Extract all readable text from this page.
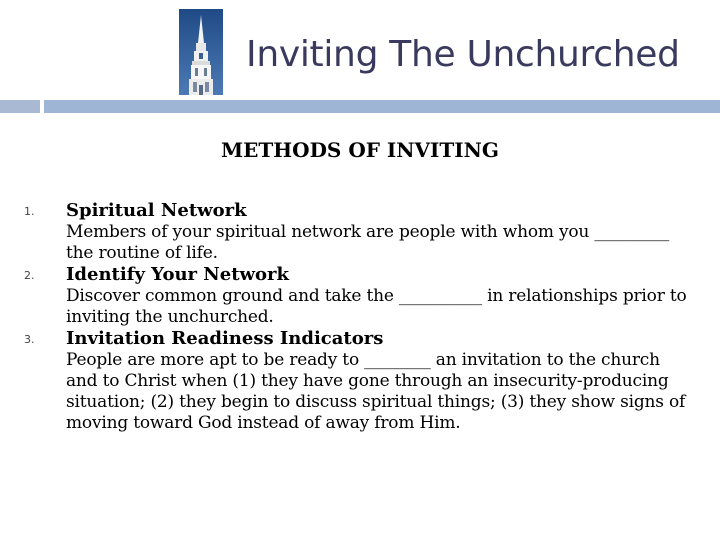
Inviting The Unchurched
METHODS OF INVITING
1. Spiritual Network
Members of your spiritual network are people with whom you _________ the routine of life.
2. Identify Your Network
Discover common ground and take the __________ in relationships prior to inviting the unchurched.
3. Invitation Readiness Indicators
People are more apt to be ready to ________ an invitation to the church and to Christ when (1) they have gone through an insecurity-producing situation; (2) they begin to discuss spiritual things; (3) they show signs of moving toward God instead of away from Him.
